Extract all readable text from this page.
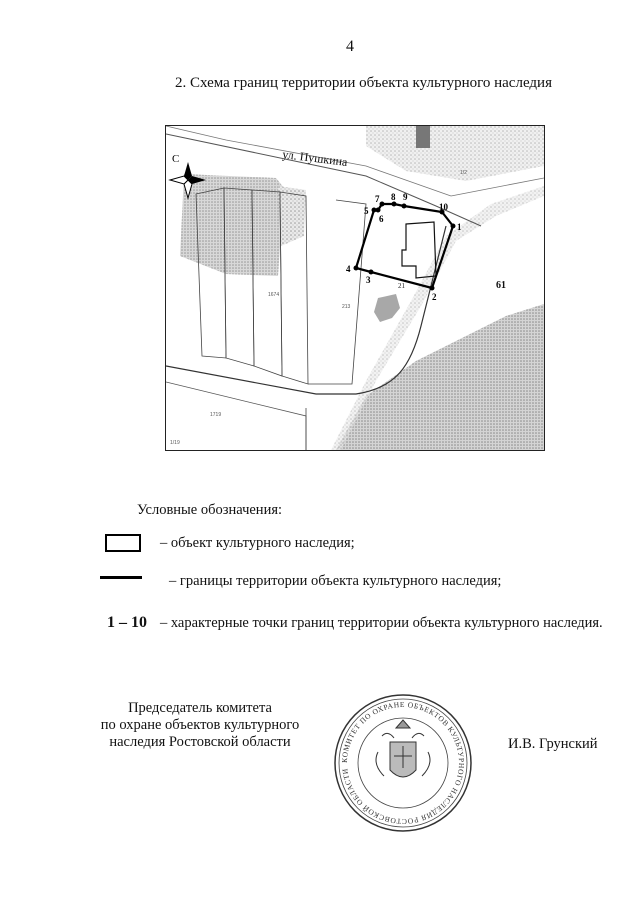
4
2. Схема границ территории объекта культурного наследия
1
2
3
4
5
6
7 8 9
10
ул. Пушкина
61
21
1674
213
1719
1/2
1/19
С
Условные обозначения:
– объект культурного наследия;
– границы территории объекта культурного наследия;
1 – 10 – характерные точки границ территории объекта культурного наследия.
Председатель комитета
по охране объектов культурного
наследия Ростовской области
КОМИТЕТ ПО ОХРАНЕ ОБЪЕКТОВ КУЛЬТУРНОГО НАСЛЕДИЯ РОСТОВСКОЙ ОБЛАСТИ
И.В. Грунский
